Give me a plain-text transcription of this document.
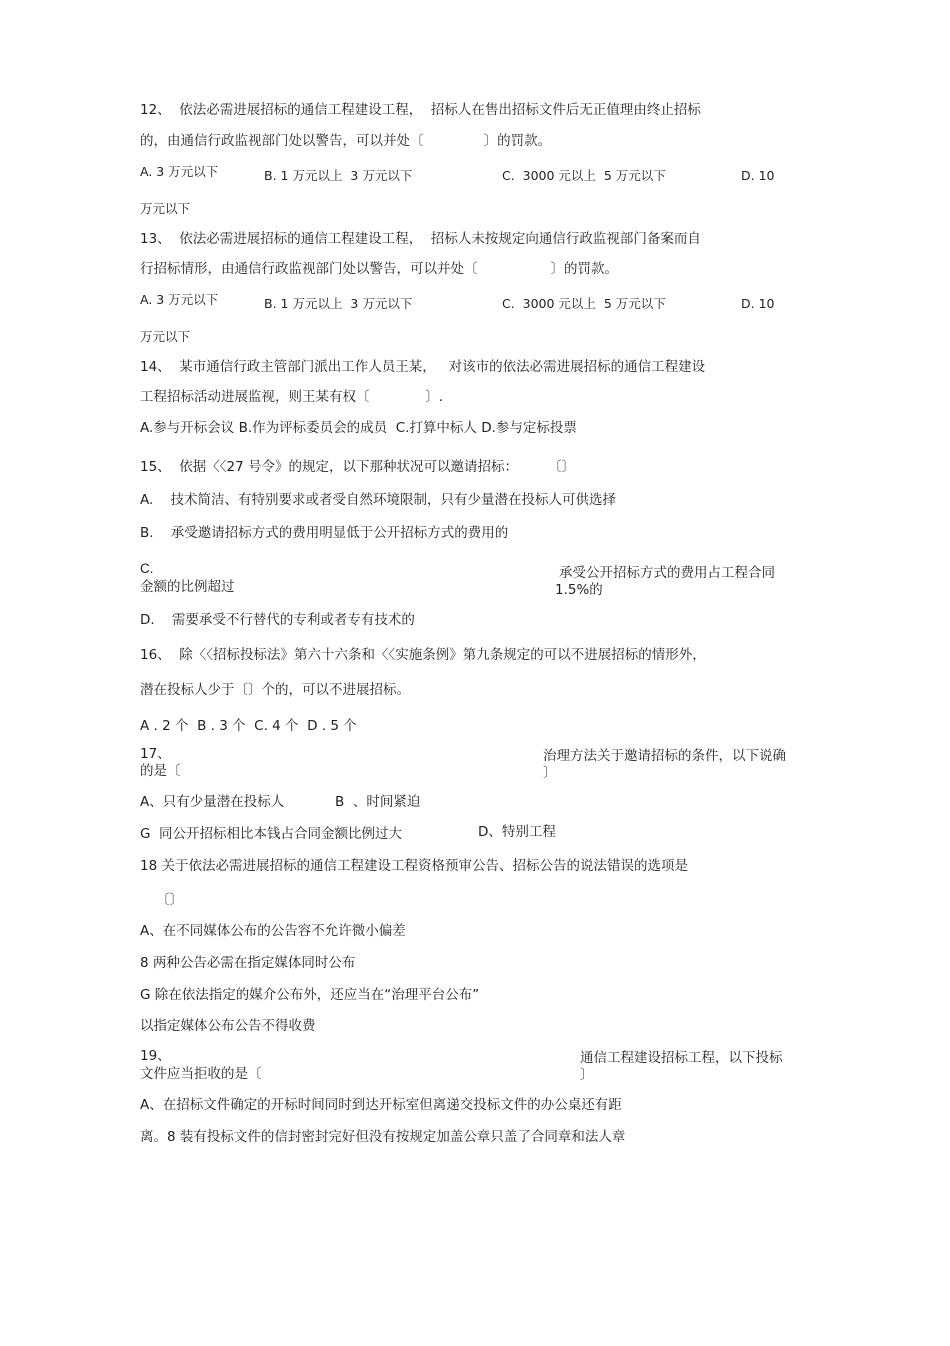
12、  依法必需进展招标的通信工程建设工程，  招标人在售出招标文件后无正值理由终止招标
的，由通信行政监视部门处以警告，可以并处〔              〕的罚款。
A. 3 万元以下	B. 1 万元以上  3 万元以下	C.  3000 元以上  5 万元以下	D. 10
万元以下
13、  依法必需进展招标的通信工程建设工程，  招标人未按规定向通信行政监视部门备案而自
行招标情形，由通信行政监视部门处以警告，可以并处〔                 〕的罚款。
A. 3 万元以下	B. 1 万元以上  3 万元以下	C.  3000 元以上  5 万元以下	D. 10
万元以下
14、  某市通信行政主管部门派出工作人员王某，   对该市的依法必需进展招标的通信工程建设
工程招标活动进展监视，则王某有权〔             〕.
A.参与开标会议 B.作为评标委员会的成员  C.打算中标人 D.参与定标投票
15、  依据〈〈27 号令》的规定，以下那种状况可以邀请招标：       〔〕
A.    技术简洁、有特别要求或者受自然环境限制，只有少量潜在投标人可供选择
B.    承受邀请招标方式的费用明显低于公开招标方式的费用的
C.	承受公开招标方式的费用占工程合同
金额的比例超过	1.5%的
D.    需要承受不行替代的专利或者专有技术的
16、  除〈〈招标投标法》第六十六条和〈〈实施条例》第九条规定的可以不进展招标的情形外，
潜在投标人少于〔〕个的，可以不进展招标。
A . 2 个  B . 3 个  C. 4 个  D . 5 个
17、	治理方法关于邀请招标的条件，以下说确
的是〔	〕
A、只有少量潜在投标人	B  、时间紧迫
G  同公开招标相比本钱占合同金额比例过大	D、特别工程
18 关于依法必需进展招标的通信工程建设工程资格预审公告、招标公告的说法错误的选项是
〔〕
A、在不同媒体公布的公告容不允许微小偏差
8 两种公告必需在指定媒体同时公布
G 除在依法指定的媒介公布外，还应当在“治理平台公布”
以指定媒体公布公告不得收费
19、	通信工程建设招标工程，以下投标
文件应当拒收的是〔	〕
A、在招标文件确定的开标时间同时到达开标室但离递交投标文件的办公桌还有距
离。8 装有投标文件的信封密封完好但没有按规定加盖公章只盖了合同章和法人章
